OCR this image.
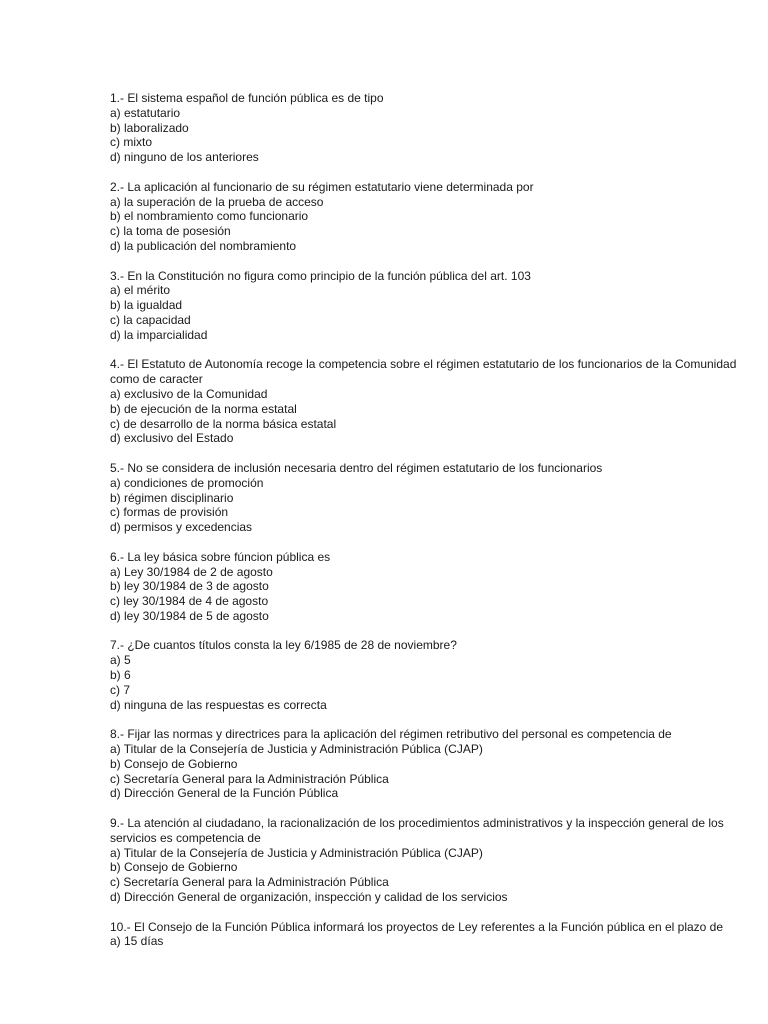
1.- El sistema español de función pública es de tipo
a) estatutario
b) laboralizado
c) mixto
d) ninguno de los anteriores
2.- La aplicación al funcionario de su régimen estatutario viene determinada por
a) la superación de la prueba de acceso
b) el nombramiento como funcionario
c) la toma de posesión
d) la publicación del nombramiento
3.- En la Constitución no figura como principio de la función pública del art. 103
a) el mérito
b) la igualdad
c) la capacidad
d) la imparcialidad
4.- El Estatuto de Autonomía recoge la competencia sobre el régimen estatutario de los funcionarios de la Comunidad como de caracter
a) exclusivo de la Comunidad
b) de ejecución de la norma estatal
c) de desarrollo de la norma básica estatal
d) exclusivo del Estado
5.- No se considera de inclusión necesaria dentro del régimen estatutario de los funcionarios
a) condiciones de promoción
b) régimen disciplinario
c) formas de provisión
d) permisos y excedencias
6.- La ley básica sobre fúncion pública es
a) Ley 30/1984 de 2 de agosto
b) ley 30/1984 de 3 de agosto
c) ley 30/1984 de 4 de agosto
d) ley 30/1984 de 5 de agosto
7.- ¿De cuantos títulos consta la ley 6/1985 de 28 de noviembre?
a) 5
b) 6
c) 7
d) ninguna de las respuestas es correcta
8.- Fijar las normas y directrices para la aplicación del régimen retributivo del personal es competencia de
a) Titular de la Consejería de Justicia y Administración Pública (CJAP)
b) Consejo de Gobierno
c) Secretaría General para la Administración Pública
d) Dirección General de la Función Pública
9.- La atención al ciudadano, la racionalización de los procedimientos administrativos y la inspección general de los servicios es competencia de
a) Titular de la Consejería de Justicia y Administración Pública (CJAP)
b) Consejo de Gobierno
c) Secretaría General para la Administración Pública
d) Dirección General de organización, inspección y calidad de los servicios
10.- El Consejo de la Función Pública informará los proyectos de Ley referentes a la Función pública en el plazo de
a) 15 días
